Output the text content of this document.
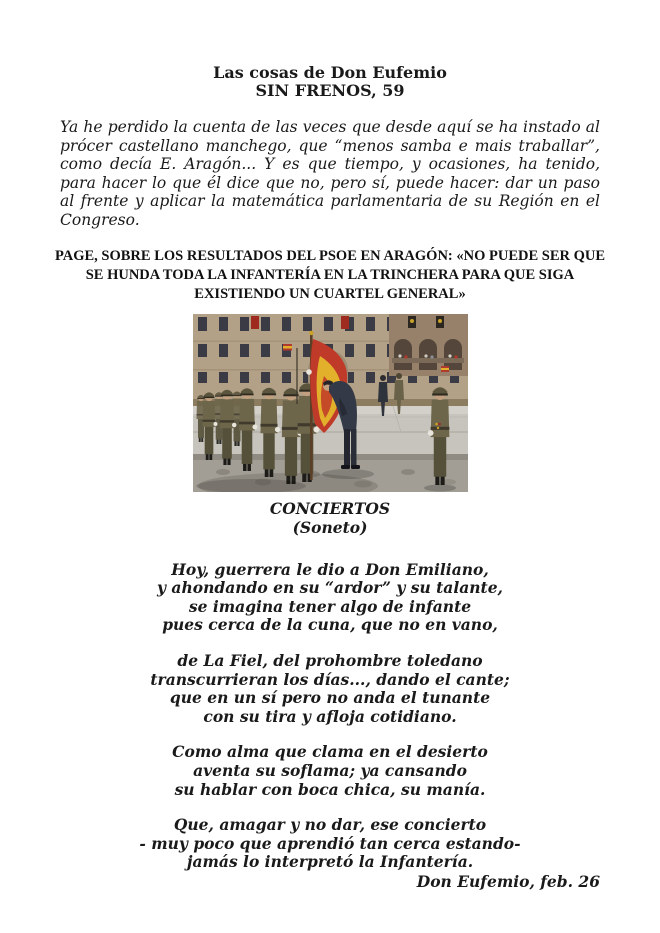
Las cosas de Don Eufemio
SIN FRENOS, 59

Ya he perdido la cuenta de las veces que desde aquí se ha instado al prócer castellano manchego, que “menos samba e mais traballar”, como decía E. Aragón... Y es que tiempo, y ocasiones, ha tenido, para hacer lo que él dice que no, pero sí, puede hacer: dar un paso al frente y aplicar la matemática parlamentaria de su Región en el Congreso.

PAGE, SOBRE LOS RESULTADOS DEL PSOE EN ARAGÓN: «NO PUEDE SER QUE SE HUNDA TODA LA INFANTERÍA EN LA TRINCHERA PARA QUE SIGA EXISTIENDO UN CUARTEL GENERAL»
CONCIERTOS
(Soneto)
Hoy, guerrera le dio a Don Emiliano,
y ahondando en su “ardor” y su talante,
se imagina tener algo de infante
pues cerca de la cuna, que no en vano,
de La Fiel, del prohombre toledano
transcurrieran los días..., dando el cante;
que en un sí pero no anda el tunante
con su tira y afloja cotidiano.
Como alma que clama en el desierto
aventa su soflama; ya cansando
su hablar con boca chica, su manía.
Que, amagar y no dar, ese concierto
- muy poco que aprendió tan cerca estando-
jamás lo interpretó la Infantería.
Don Eufemio, feb. 26
